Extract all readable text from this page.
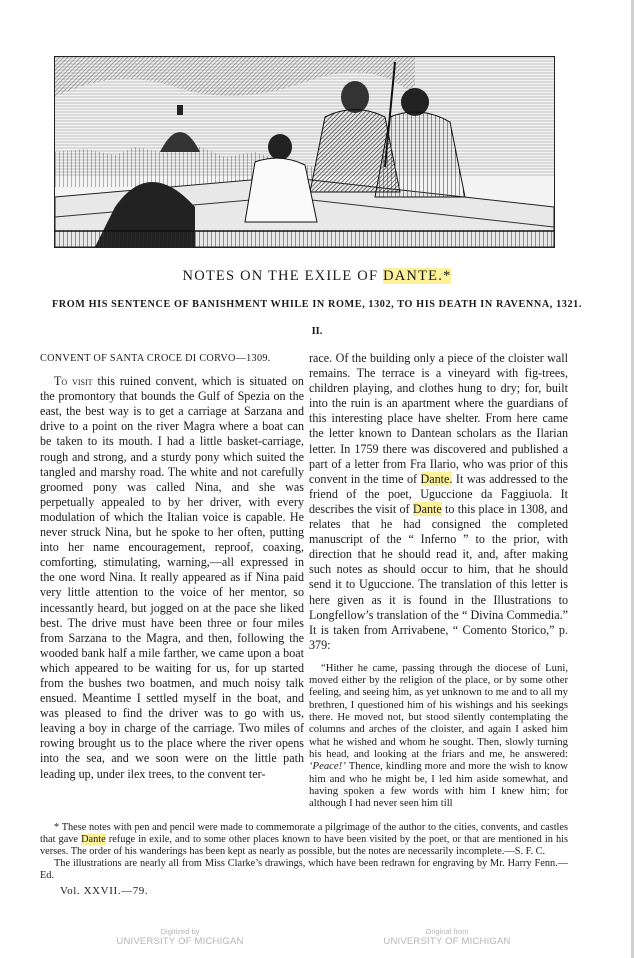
NOTES ON THE EXILE OF DANTE.*
FROM HIS SENTENCE OF BANISHMENT WHILE IN ROME, 1302, TO HIS DEATH IN RAVENNA, 1321.
II.

CONVENT OF SANTA CROCE DI CORVO—1309.

To visit this ruined convent, which is situated on the promontory that bounds the Gulf of Spezia on the east, the best way is to get a carriage at Sarzana and drive to a point on the river Magra where a boat can be taken to its mouth. I had a little basket-carriage, rough and strong, and a sturdy pony which suited the tangled and marshy road. The white and not carefully groomed pony was called Nina, and she was perpetually appealed to by her driver, with every modulation of which the Italian voice is capable. He never struck Nina, but he spoke to her often, putting into her name encouragement, reproof, coaxing, comforting, stimulating, warning,—all expressed in the one word Nina. It really appeared as if Nina paid very little attention to the voice of her mentor, so incessantly heard, but jogged on at the pace she liked best. The drive must have been three or four miles from Sarzana to the Magra, and then, following the wooded bank half a mile farther, we came upon a boat which appeared to be waiting for us, for up started from the bushes two boatmen, and much noisy talk ensued. Meantime I settled myself in the boat, and was pleased to find the driver was to go with us, leaving a boy in charge of the carriage. Two miles of rowing brought us to the place where the river opens into the sea, and we soon were on the little path leading up, under ilex trees, to the convent ter-

race. Of the building only a piece of the cloister wall remains. The terrace is a vineyard with fig-trees, children playing, and clothes hung to dry; for, built into the ruin is an apartment where the guardians of this interesting place have shelter. From here came the letter known to Dantean scholars as the Ilarian letter. In 1759 there was discovered and published a part of a letter from Fra Ilario, who was prior of this convent in the time of Dante. It was addressed to the friend of the poet, Uguccione da Faggiuola. It describes the visit of Dante to this place in 1308, and relates that he had consigned the completed manuscript of the “ Inferno ” to the prior, with direction that he should read it, and, after making such notes as should occur to him, that he should send it to Uguccione. The translation of this letter is here given as it is found in the Illustrations to Longfellow’s translation of the “ Divina Commedia.” It is taken from Arrivabene, “ Comento Storico,” p. 379:

“Hither he came, passing through the diocese of Luni, moved either by the religion of the place, or by some other feeling, and seeing him, as yet unknown to me and to all my brethren, I questioned him of his wishings and his seekings there. He moved not, but stood silently contemplating the columns and arches of the cloister, and again I asked him what he wished and whom he sought. Then, slowly turning his head, and looking at the friars and me, he answered: ‘Peace!’ Thence, kindling more and more the wish to know him and who he might be, I led him aside somewhat, and having spoken a few words with him I knew him; for although I had never seen him till

* These notes with pen and pencil were made to commemorate a pilgrimage of the author to the cities, convents, and castles that gave Dante refuge in exile, and to some other places known to have been visited by the poet, or that are mentioned in his verses. The order of his wanderings has been kept as nearly as possible, but the notes are necessarily incomplete.—S. F. C.

The illustrations are nearly all from Miss Clarke’s drawings, which have been redrawn for engraving by Mr. Harry Fenn.—Ed.

Vol. XXVII.—79.
Digitized by
UNIVERSITY OF MICHIGAN
Original from
UNIVERSITY OF MICHIGAN
